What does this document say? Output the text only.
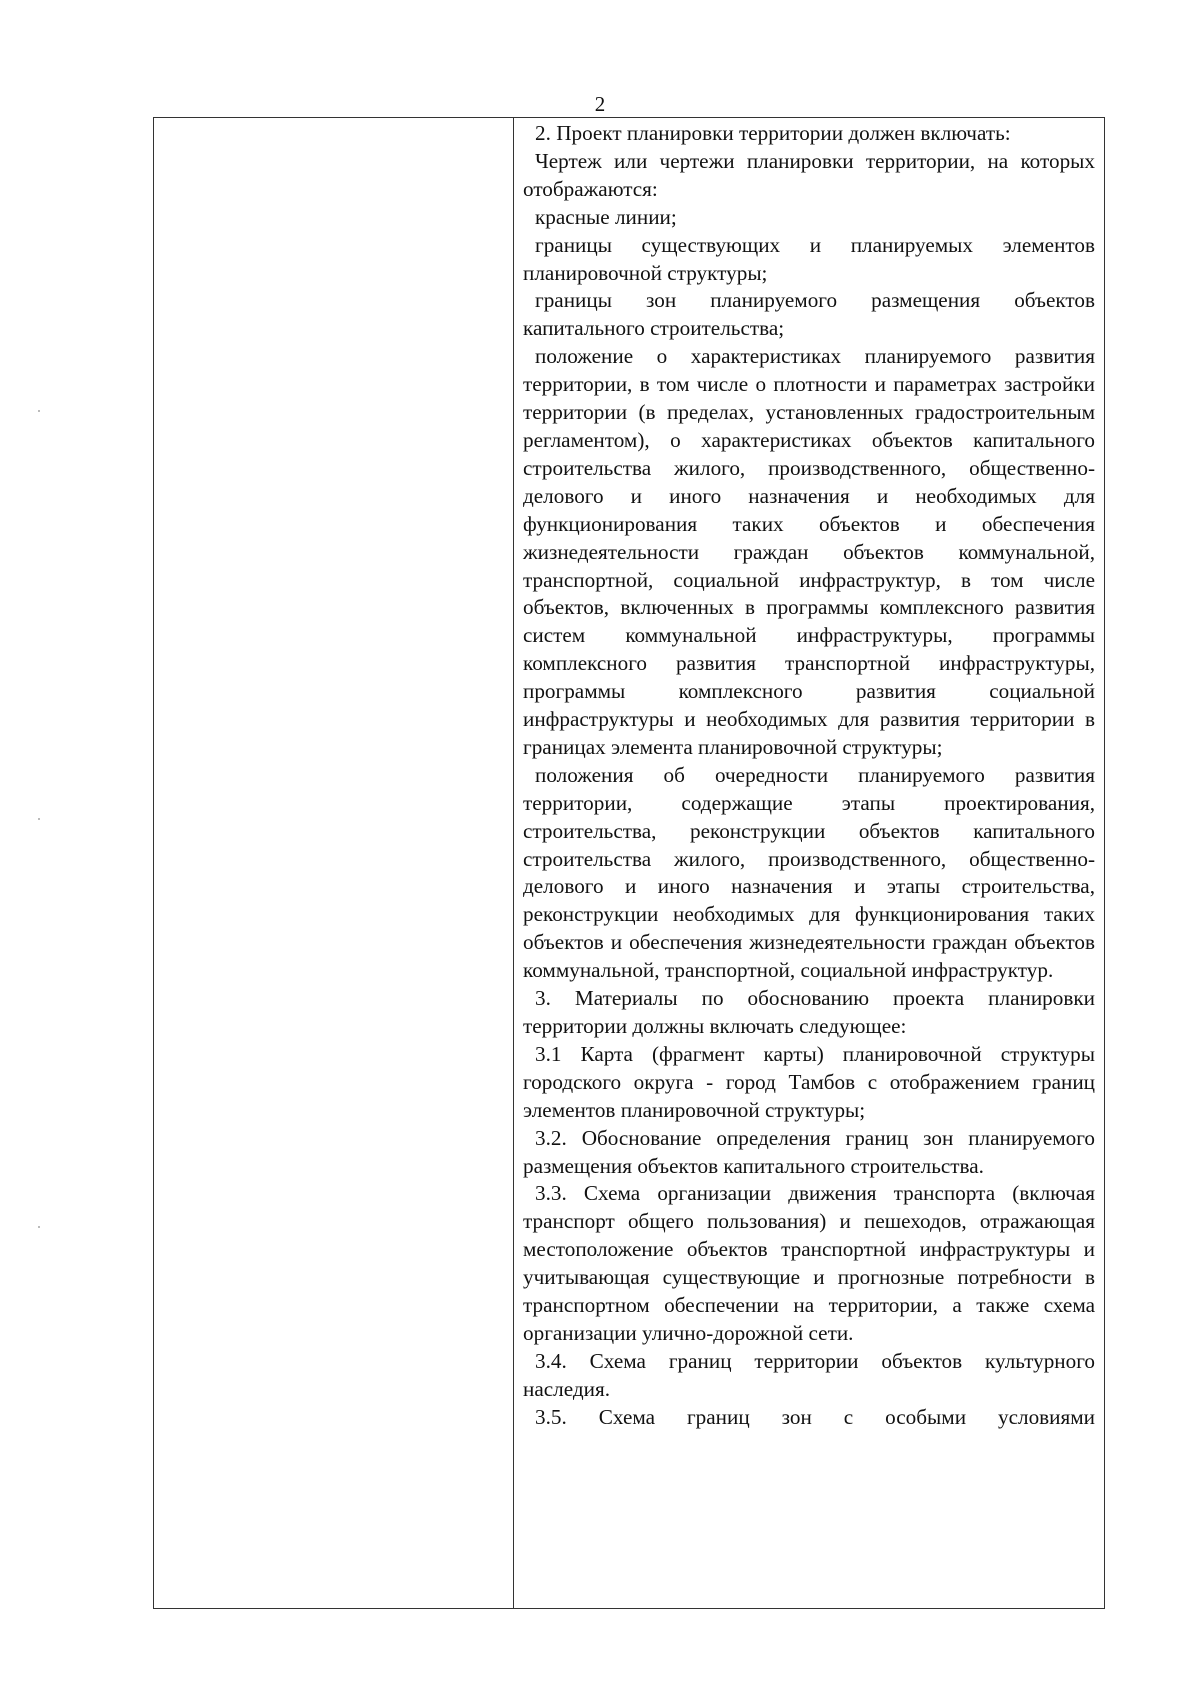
2

2. Проект планировки территории должен включать:

Чертеж или чертежи планировки территории, на которых отображаются:

красные линии;

границы существующих и планируемых элементов планировочной структуры;

границы зон планируемого размещения объектов капитального строительства;

положение о характеристиках планируемого развития территории, в том числе о плотности и параметрах застройки территории (в пределах, установленных градостроительным регламентом), о характеристиках объектов капитального строительства жилого, производственного, общественно-делового и иного назначения и необходимых для функционирования таких объектов и обеспечения жизнедеятельности граждан объектов коммунальной, транспортной, социальной инфраструктур, в том числе объектов, включенных в программы комплексного развития систем коммунальной инфраструктуры, программы комплексного развития транспортной инфраструктуры, программы комплексного развития социальной инфраструктуры и необходимых для развития территории в границах элемента планировочной структуры;

положения об очередности планируемого развития территории, содержащие этапы проектирования, строительства, реконструкции объектов капитального строительства жилого, производственного, общественно-делового и иного назначения и этапы строительства, реконструкции необходимых для функционирования таких объектов и обеспечения жизнедеятельности граждан объектов коммунальной, транспортной, социальной инфраструктур.

3. Материалы по обоснованию проекта планировки территории должны включать следующее:

3.1 Карта (фрагмент карты) планировочной структуры городского округа - город Тамбов с отображением границ элементов планировочной структуры;

3.2. Обоснование определения границ зон планируемого размещения объектов капитального строительства.

3.3. Схема организации движения транспорта (включая транспорт общего пользования) и пешеходов, отражающая местоположение объектов транспортной инфраструктуры и учитывающая существующие и прогнозные потребности в транспортном обеспечении на территории, а также схема организации улично-дорожной сети.

3.4. Схема границ территории объектов культурного наследия.

3.5. Схема границ зон с особыми условиями
